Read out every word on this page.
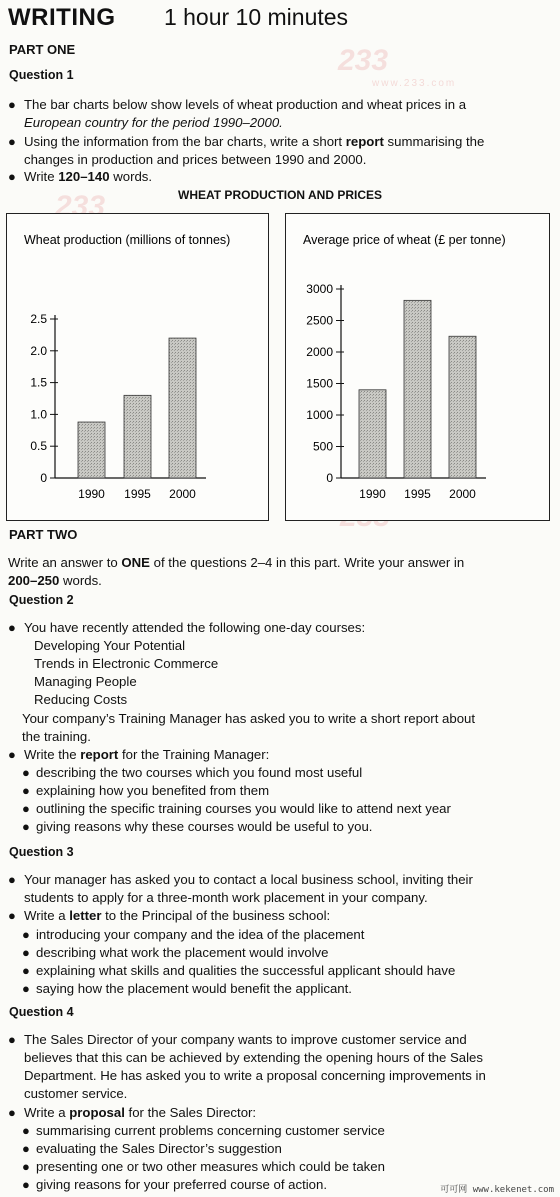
233
www.233.com
233
WRITING 1 hour 10 minutes
PART ONE
Question 1
● The bar charts below show levels of wheat production and wheat prices in a
European country for the period 1990–2000.
● Using the information from the bar charts, write a short report summarising the
changes in production and prices between 1990 and 2000.
● Write 120–140 words.
WHEAT PRODUCTION AND PRICES
Wheat production (millions of tonnes)
0
0.5
1.0
1.5
2.0
2.5
1990 1995 2000
Average price of wheat (£ per tonne)
0
500
1000
1500
2000
2500
3000
1990 1995 2000
PART TWO
Write an answer to ONE of the questions 2–4 in this part. Write your answer in
200–250 words.
Question 2
● You have recently attended the following one-day courses:
Developing Your Potential
Trends in Electronic Commerce
Managing People
Reducing Costs
Your company’s Training Manager has asked you to write a short report about
the training.
● Write the report for the Training Manager:
● describing the two courses which you found most useful
● explaining how you benefited from them
● outlining the specific training courses you would like to attend next year
● giving reasons why these courses would be useful to you.
Question 3
● Your manager has asked you to contact a local business school, inviting their
students to apply for a three-month work placement in your company.
● Write a letter to the Principal of the business school:
● introducing your company and the idea of the placement
● describing what work the placement would involve
● explaining what skills and qualities the successful applicant should have
● saying how the placement would benefit the applicant.
Question 4
● The Sales Director of your company wants to improve customer service and
believes that this can be achieved by extending the opening hours of the Sales
Department. He has asked you to write a proposal concerning improvements in
customer service.
● Write a proposal for the Sales Director:
● summarising current problems concerning customer service
● evaluating the Sales Director’s suggestion
● presenting one or two other measures which could be taken
● giving reasons for your preferred course of action.	可可网 www.kekenet.com
